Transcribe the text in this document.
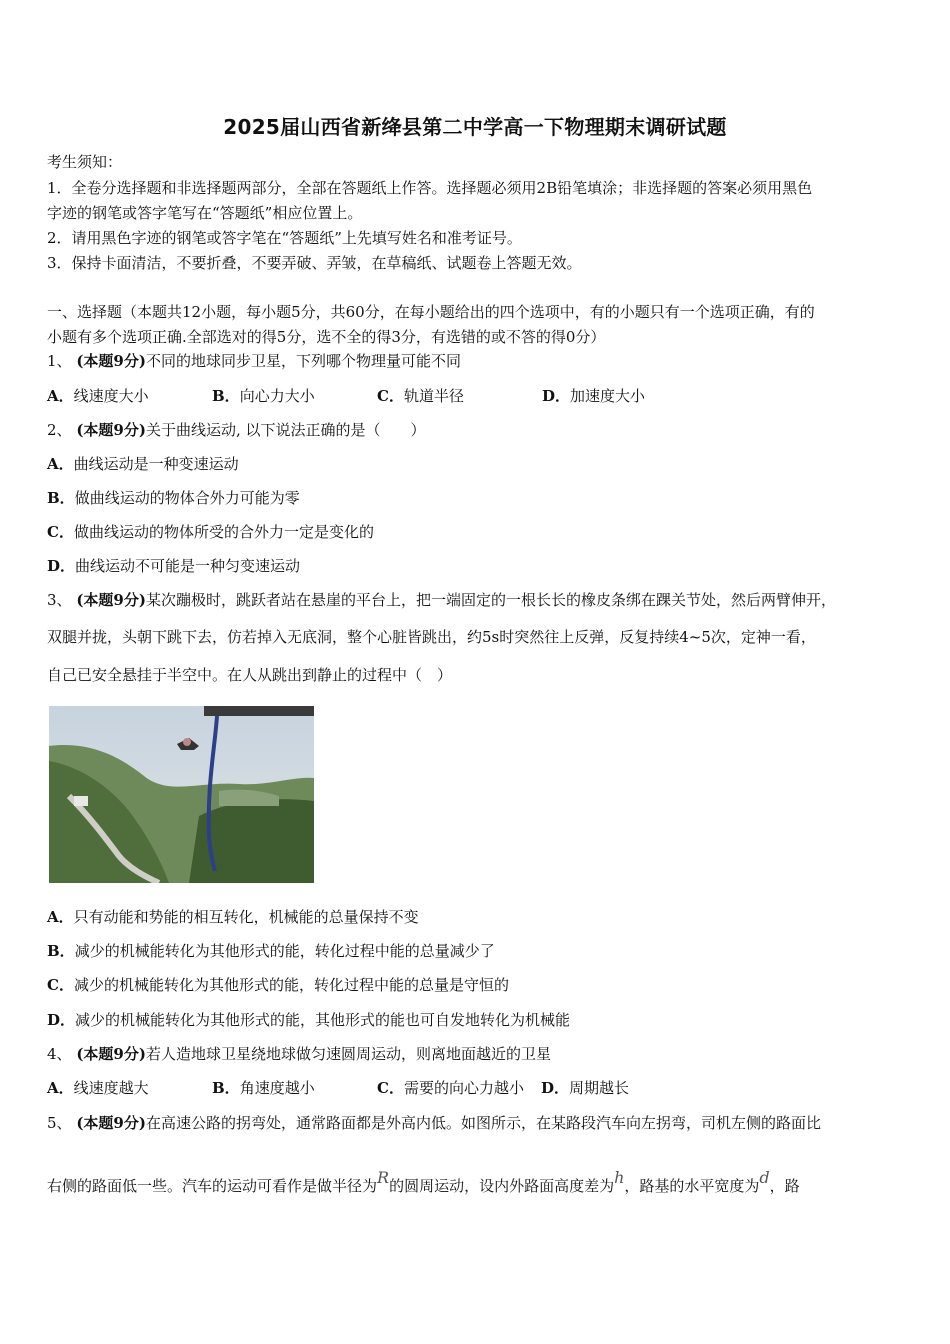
2025届山西省新绛县第二中学高一下物理期末调研试题
考生须知：
1．全卷分选择题和非选择题两部分，全部在答题纸上作答。选择题必须用2B铅笔填涂；非选择题的答案必须用黑色
字迹的钢笔或答字笔写在“答题纸”相应位置上。
2．请用黑色字迹的钢笔或答字笔在“答题纸”上先填写姓名和准考证号。
3．保持卡面清洁，不要折叠，不要弄破、弄皱，在草稿纸、试题卷上答题无效。
一、选择题（本题共12小题，每小题5分，共60分，在每小题给出的四个选项中，有的小题只有一个选项正确，有的
小题有多个选项正确.全部选对的得5分，选不全的得3分，有选错的或不答的得0分）
1、 (本题9分)不同的地球同步卫星，下列哪个物理量可能不同
A．线速度大小	B．向心力大小	C．轨道半径	D．加速度大小
2、 (本题9分)关于曲线运动, 以下说法正确的是（　　）
A．曲线运动是一种变速运动
B．做曲线运动的物体合外力可能为零
C．做曲线运动的物体所受的合外力一定是变化的
D．曲线运动不可能是一种匀变速运动
3、 (本题9分)某次蹦极时，跳跃者站在悬崖的平台上，把一端固定的一根长长的橡皮条绑在踝关节处，然后两臂伸开，
双腿并拢，头朝下跳下去，仿若掉入无底洞，整个心脏皆跳出，约5s时突然往上反弹，反复持续4~5次，定神一看，
自己已安全悬挂于半空中。在人从跳出到静止的过程中（　）
A．只有动能和势能的相互转化，机械能的总量保持不变
B．减少的机械能转化为其他形式的能，转化过程中能的总量减少了
C．减少的机械能转化为其他形式的能，转化过程中能的总量是守恒的
D．减少的机械能转化为其他形式的能，其他形式的能也可自发地转化为机械能
4、 (本题9分)若人造地球卫星绕地球做匀速圆周运动，则离地面越近的卫星
A．线速度越大	B．角速度越小	C．需要的向心力越小 D．周期越长
5、 (本题9分)在高速公路的拐弯处，通常路面都是外高内低。如图所示，在某路段汽车向左拐弯，司机左侧的路面比
右侧的路面低一些。汽车的运动可看作是做半径为R的圆周运动，设内外路面高度差为h，路基的水平宽度为d，路
